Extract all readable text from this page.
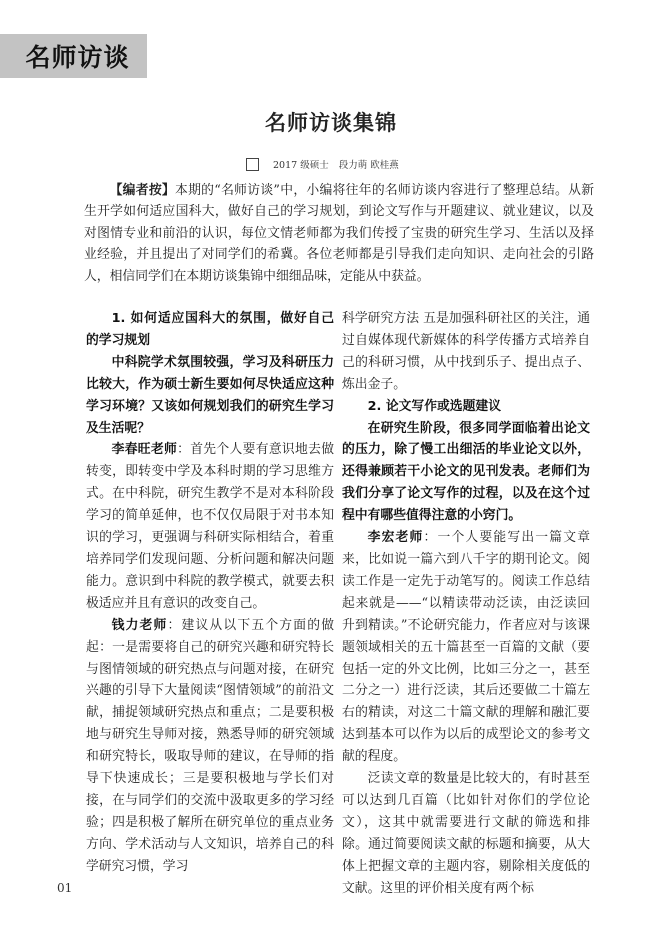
名师访谈
名师访谈集锦
2017 级硕士 段力萌 欧桂燕
【编者按】本期的“名师访谈”中，小编将往年的名师访谈内容进行了整理总结。从新生开学如何适应国科大，做好自己的学习规划，到论文写作与开题建议、就业建议，以及对图情专业和前沿的认识，每位文情老师都为我们传授了宝贵的研究生学习、生活以及择业经验，并且提出了对同学们的希冀。各位老师都是引导我们走向知识、走向社会的引路人，相信同学们在本期访谈集锦中细细品味，定能从中获益。

1. 如何适应国科大的氛围，做好自己的学习规划

中科院学术氛围较强，学习及科研压力比较大，作为硕士新生要如何尽快适应这种学习环境？又该如何规划我们的研究生学习及生活呢？

李春旺老师：首先个人要有意识地去做转变，即转变中学及本科时期的学习思维方式。在中科院，研究生教学不是对本科阶段学习的简单延伸，也不仅仅局限于对书本知识的学习，更强调与科研实际相结合，着重培养同学们发现问题、分析问题和解决问题能力。意识到中科院的教学模式，就要去积极适应并且有意识的改变自己。

钱力老师：建议从以下五个方面的做起：一是需要将自己的研究兴趣和研究特长与图情领域的研究热点与问题对接，在研究兴趣的引导下大量阅读“图情领域”的前沿文献，捕捉领域研究热点和重点；二是要积极地与研究生导师对接，熟悉导师的研究领域和研究特长，吸取导师的建议，在导师的指导下快速成长；三是要积极地与学长们对接，在与同学们的交流中汲取更多的学习经验；四是积极了解所在研究单位的重点业务方向、学术活动与人文知识，培养自己的科学研究习惯，学习

科学研究方法 五是加强科研社区的关注，通过自媒体现代新媒体的科学传播方式培养自己的科研习惯，从中找到乐子、提出点子、炼出金子。

2. 论文写作或选题建议

在研究生阶段，很多同学面临着出论文的压力，除了慢工出细活的毕业论文以外，还得兼顾若干小论文的见刊发表。老师们为我们分享了论文写作的过程，以及在这个过程中有哪些值得注意的小窍门。

李宏老师：一个人要能写出一篇文章来，比如说一篇六到八千字的期刊论文。阅读工作是一定先于动笔写的。阅读工作总结起来就是——“以精读带动泛读，由泛读回升到精读。”不论研究能力，作者应对与该课题领域相关的五十篇甚至一百篇的文献（要包括一定的外文比例，比如三分之一，甚至二分之一）进行泛读，其后还要做二十篇左右的精读，对这二十篇文献的理解和融汇要达到基本可以作为以后的成型论文的参考文献的程度。

泛读文章的数量是比较大的，有时甚至可以达到几百篇（比如针对你们的学位论文），这其中就需要进行文献的筛选和排除。通过简要阅读文献的标题和摘要，从大体上把握文章的主题内容，剔除相关度低的文献。这里的评价相关度有两个标

01
